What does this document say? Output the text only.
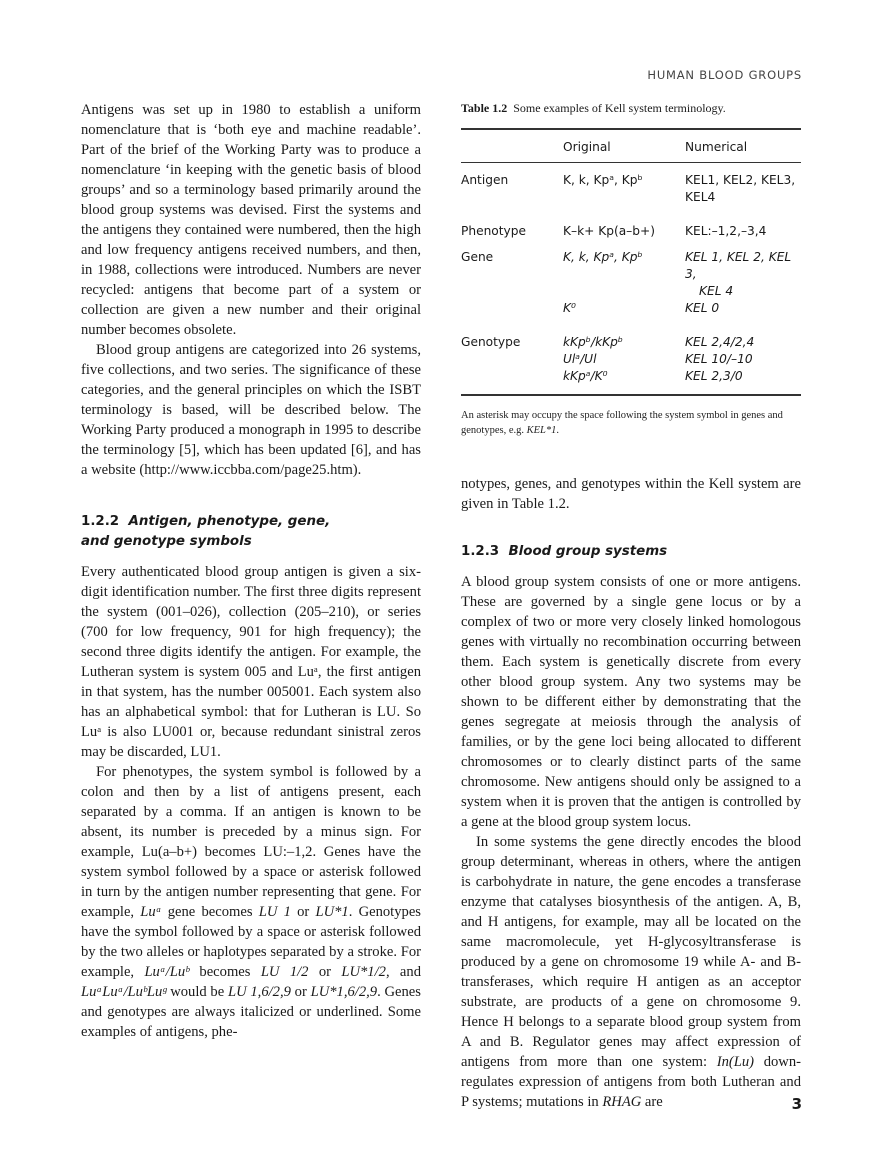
HUMAN BLOOD GROUPS

Antigens was set up in 1980 to establish a uniform nomenclature that is ‘both eye and machine readable’. Part of the brief of the Working Party was to produce a nomenclature ‘in keeping with the genetic basis of blood groups’ and so a terminology based primarily around the blood group systems was devised. First the systems and the antigens they contained were numbered, then the high and low frequency antigens received numbers, and then, in 1988, collections were introduced. Numbers are never recycled: antigens that become part of a system or collection are given a new number and their original number becomes obsolete.

Blood group antigens are categorized into 26 systems, five collections, and two series. The significance of these categories, and the general principles on which the ISBT terminology is based, will be described below. The Working Party produced a monograph in 1995 to describe the terminology [5], which has been updated [6], and has a website (http://www.iccbba.com/page25.htm).

1.2.2 Antigen, phenotype, gene, and genotype symbols

Every authenticated blood group antigen is given a six-digit identification number. The first three digits represent the system (001–026), collection (205–210), or series (700 for low frequency, 901 for high frequency); the second three digits identify the antigen. For example, the Lutheran system is system 005 and Luᵃ, the first antigen in that system, has the number 005001. Each system also has an alphabetical symbol: that for Lutheran is LU. So Luᵃ is also LU001 or, because redundant sinistral zeros may be discarded, LU1.

For phenotypes, the system symbol is followed by a colon and then by a list of antigens present, each separated by a comma. If an antigen is known to be absent, its number is preceded by a minus sign. For example, Lu(a–b+) becomes LU:–1,2. Genes have the system symbol followed by a space or asterisk followed in turn by the antigen number representing that gene. For example, Luᵃ gene becomes LU 1 or LU*1. Genotypes have the symbol followed by a space or asterisk followed by the two alleles or haplotypes separated by a stroke. For example, Luᵃ/Luᵇ becomes LU 1/2 or LU*1/2, and LuᵃLuᵃ/LuᵇLuᵍ would be LU 1,6/2,9 or LU*1,6/2,9. Genes and genotypes are always italicized or underlined. Some examples of antigens, phe-

Table 1.2 Some examples of Kell system terminology.

	Original	Numerical
Antigen	K, k, Kpᵃ, Kpᵇ	KEL1, KEL2, KEL3, KEL4
Phenotype	K–k+ Kp(a–b+)	KEL:–1,2,–3,4
Gene	K, k, Kpᵃ, Kpᵇ	KEL 1, KEL 2, KEL 3,
KEL 4

	K⁰	KEL 0
Genotype	kKpᵇ/kKpᵇ	KEL 2,4/2,4
	Ulᵃ/Ul	KEL 10/–10
	kKpᵃ/K⁰	KEL 2,3/0

An asterisk may occupy the space following the system symbol in genes and genotypes, e.g. KEL*1.

notypes, genes, and genotypes within the Kell system are given in Table 1.2.

1.2.3 Blood group systems

A blood group system consists of one or more antigens. These are governed by a single gene locus or by a complex of two or more very closely linked homologous genes with virtually no recombination occurring between them. Each system is genetically discrete from every other blood group system. Any two systems may be shown to be different either by demonstrating that the genes segregate at meiosis through the analysis of families, or by the gene loci being allocated to different chromosomes or to clearly distinct parts of the same chromosome. New antigens should only be assigned to a system when it is proven that the antigen is controlled by a gene at the blood group system locus.

In some systems the gene directly encodes the blood group determinant, whereas in others, where the antigen is carbohydrate in nature, the gene encodes a transferase enzyme that catalyses biosynthesis of the antigen. A, B, and H antigens, for example, may all be located on the same macromolecule, yet H-glycosyltransferase is produced by a gene on chromosome 19 while A- and B-transferases, which require H antigen as an acceptor substrate, are products of a gene on chromosome 9. Hence H belongs to a separate blood group system from A and B. Regulator genes may affect expression of antigens from more than one system: In(Lu) down-regulates expression of antigens from both Lutheran and P systems; mutations in RHAG are	3
